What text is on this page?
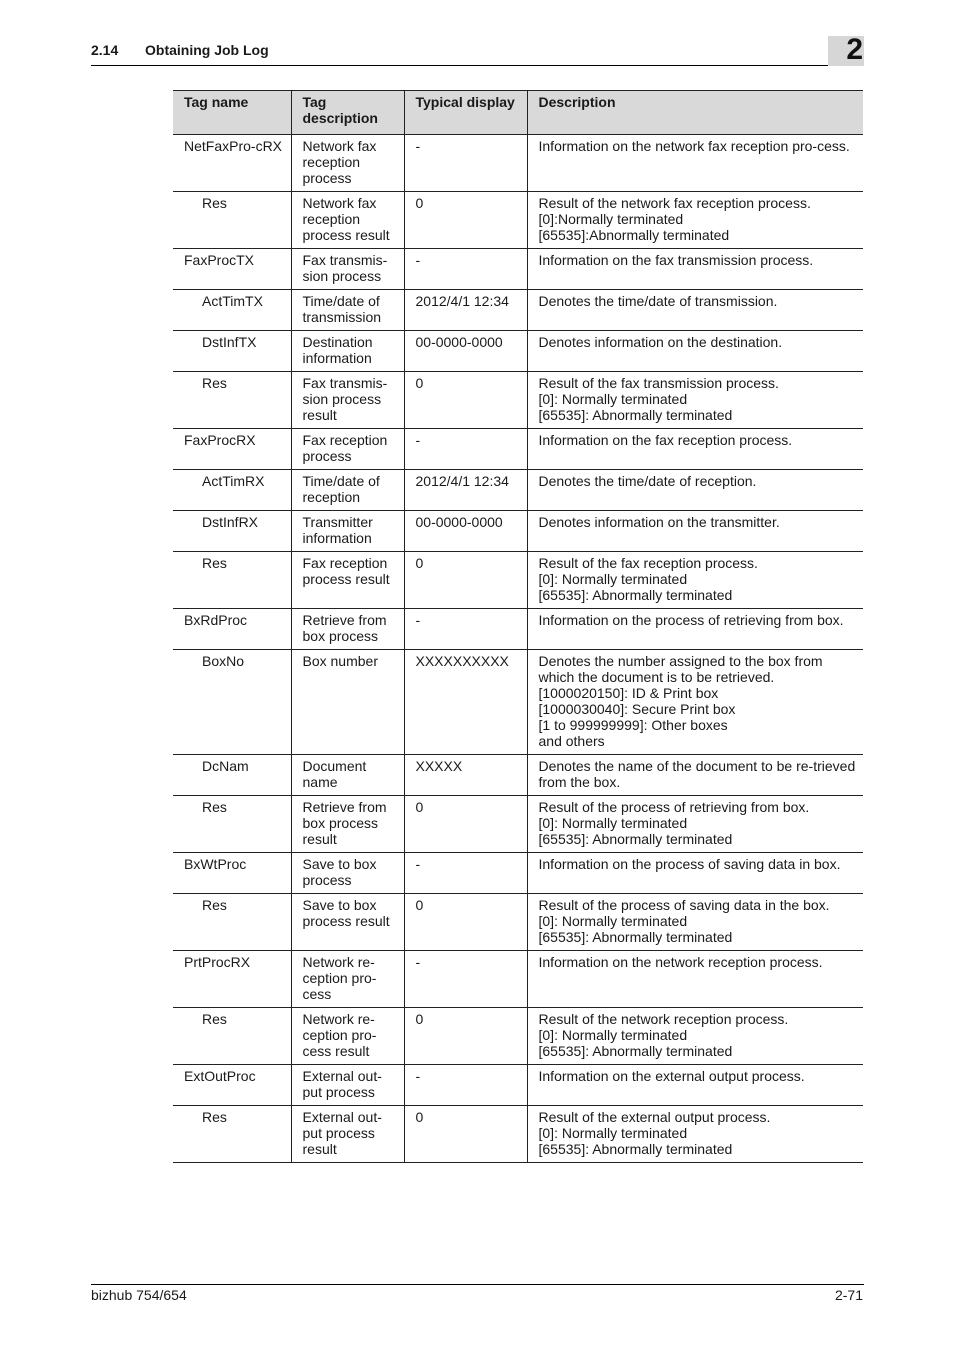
2.14 Obtaining Job Log	2
Tag name	Tag description	Typical display	Description
NetFaxPro-cRX	Network fax reception process	-	Information on the network fax reception pro-cess.
Res	Network fax reception process result	0	Result of the network fax reception process.
[0]:Normally terminated
[65535]:Abnormally terminated
FaxProcTX	Fax transmis-sion process	-	Information on the fax transmission process.
ActTimTX	Time/date of transmission	2012/4/1 12:34	Denotes the time/date of transmission.
DstInfTX	Destination information	00-0000-0000	Denotes information on the destination.
Res	Fax transmis-sion process result	0	Result of the fax transmission process.
[0]: Normally terminated
[65535]: Abnormally terminated
FaxProcRX	Fax reception process	-	Information on the fax reception process.
ActTimRX	Time/date of reception	2012/4/1 12:34	Denotes the time/date of reception.
DstInfRX	Transmitter information	00-0000-0000	Denotes information on the transmitter.
Res	Fax reception process result	0	Result of the fax reception process.
[0]: Normally terminated
[65535]: Abnormally terminated
BxRdProc	Retrieve from box process	-	Information on the process of retrieving from box.
BoxNo	Box number	XXXXXXXXXX	Denotes the number assigned to the box from which the document is to be retrieved.
[1000020150]: ID & Print box
[1000030040]: Secure Print box
[1 to 999999999]: Other boxes
and others
DcNam	Document name	XXXXX	Denotes the name of the document to be re-trieved from the box.
Res	Retrieve from box process result	0	Result of the process of retrieving from box.
[0]: Normally terminated
[65535]: Abnormally terminated
BxWtProc	Save to box process	-	Information on the process of saving data in box.
Res	Save to box process result	0	Result of the process of saving data in the box.
[0]: Normally terminated
[65535]: Abnormally terminated
PrtProcRX	Network re-ception pro-cess	-	Information on the network reception process.
Res	Network re-ception pro-cess result	0	Result of the network reception process.
[0]: Normally terminated
[65535]: Abnormally terminated
ExtOutProc	External out-put process	-	Information on the external output process.
Res	External out-put process result	0	Result of the external output process.
[0]: Normally terminated
[65535]: Abnormally terminated
bizhub 754/654	2-71
